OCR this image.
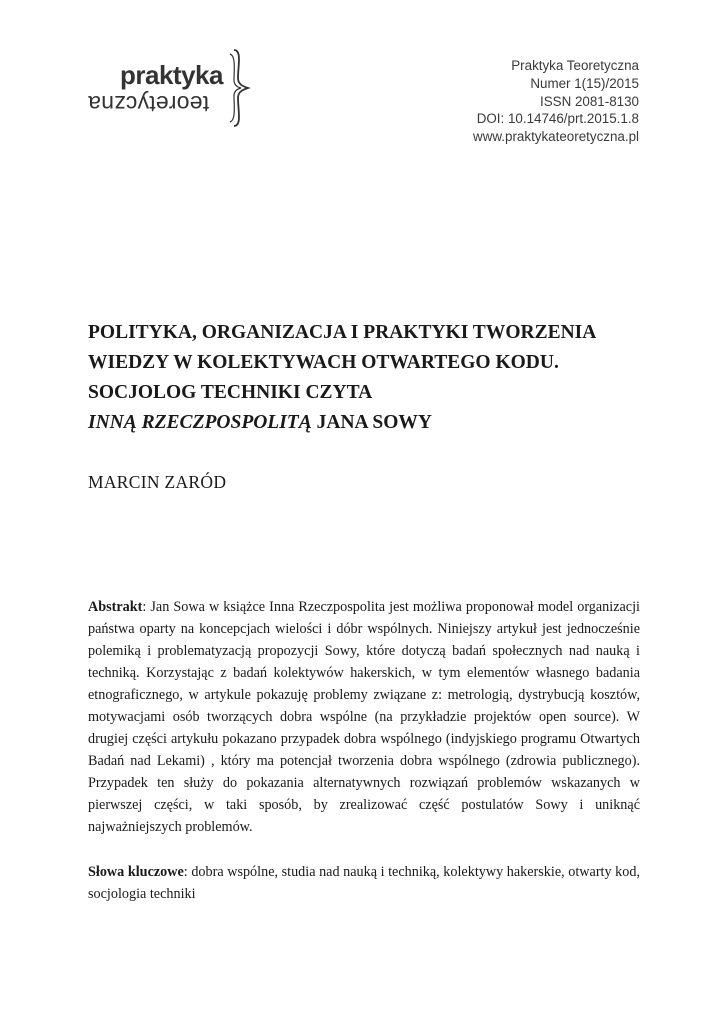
praktyka
teoretyczna
Praktyka Teoretyczna
Numer 1(15)/2015
ISSN 2081-8130
DOI: 10.14746/prt.2015.1.8
www.praktykateoretyczna.pl
POLITYKA, ORGANIZACJA I PRAKTYKI TWORZENIA
WIEDZY W KOLEKTYWACH OTWARTEGO KODU.
SOCJOLOG TECHNIKI CZYTA
INNĄ RZECZPOSPOLITĄ JANA SOWY
MARCIN ZARÓD
Abstrakt: Jan Sowa w książce Inna Rzeczpospolita jest możliwa proponował model organizacji państwa oparty na koncepcjach wielości i dóbr wspólnych. Niniejszy artykuł jest jednocześnie polemiką i problematyzacją propozycji Sowy, które dotyczą badań społecznych nad nauką i techniką. Korzystając z badań kolektywów hakerskich, w tym elementów własnego badania etnograficznego, w artykule pokazuję problemy związane z: metrologią, dystrybucją kosztów, motywacjami osób tworzących dobra wspólne (na przykładzie projektów open source). W drugiej części artykułu pokazano przypadek dobra wspólnego (indyjskiego programu Otwartych Badań nad Lekami) , który ma potencjał tworzenia dobra wspólnego (zdrowia publicznego). Przypadek ten służy do pokazania alternatywnych rozwiązań problemów wskazanych w pierwszej części, w taki sposób, by zrealizować część postulatów Sowy i uniknąć najważniejszych problemów.
Słowa kluczowe: dobra wspólne, studia nad nauką i techniką, kolektywy hakerskie, otwarty kod, socjologia techniki
